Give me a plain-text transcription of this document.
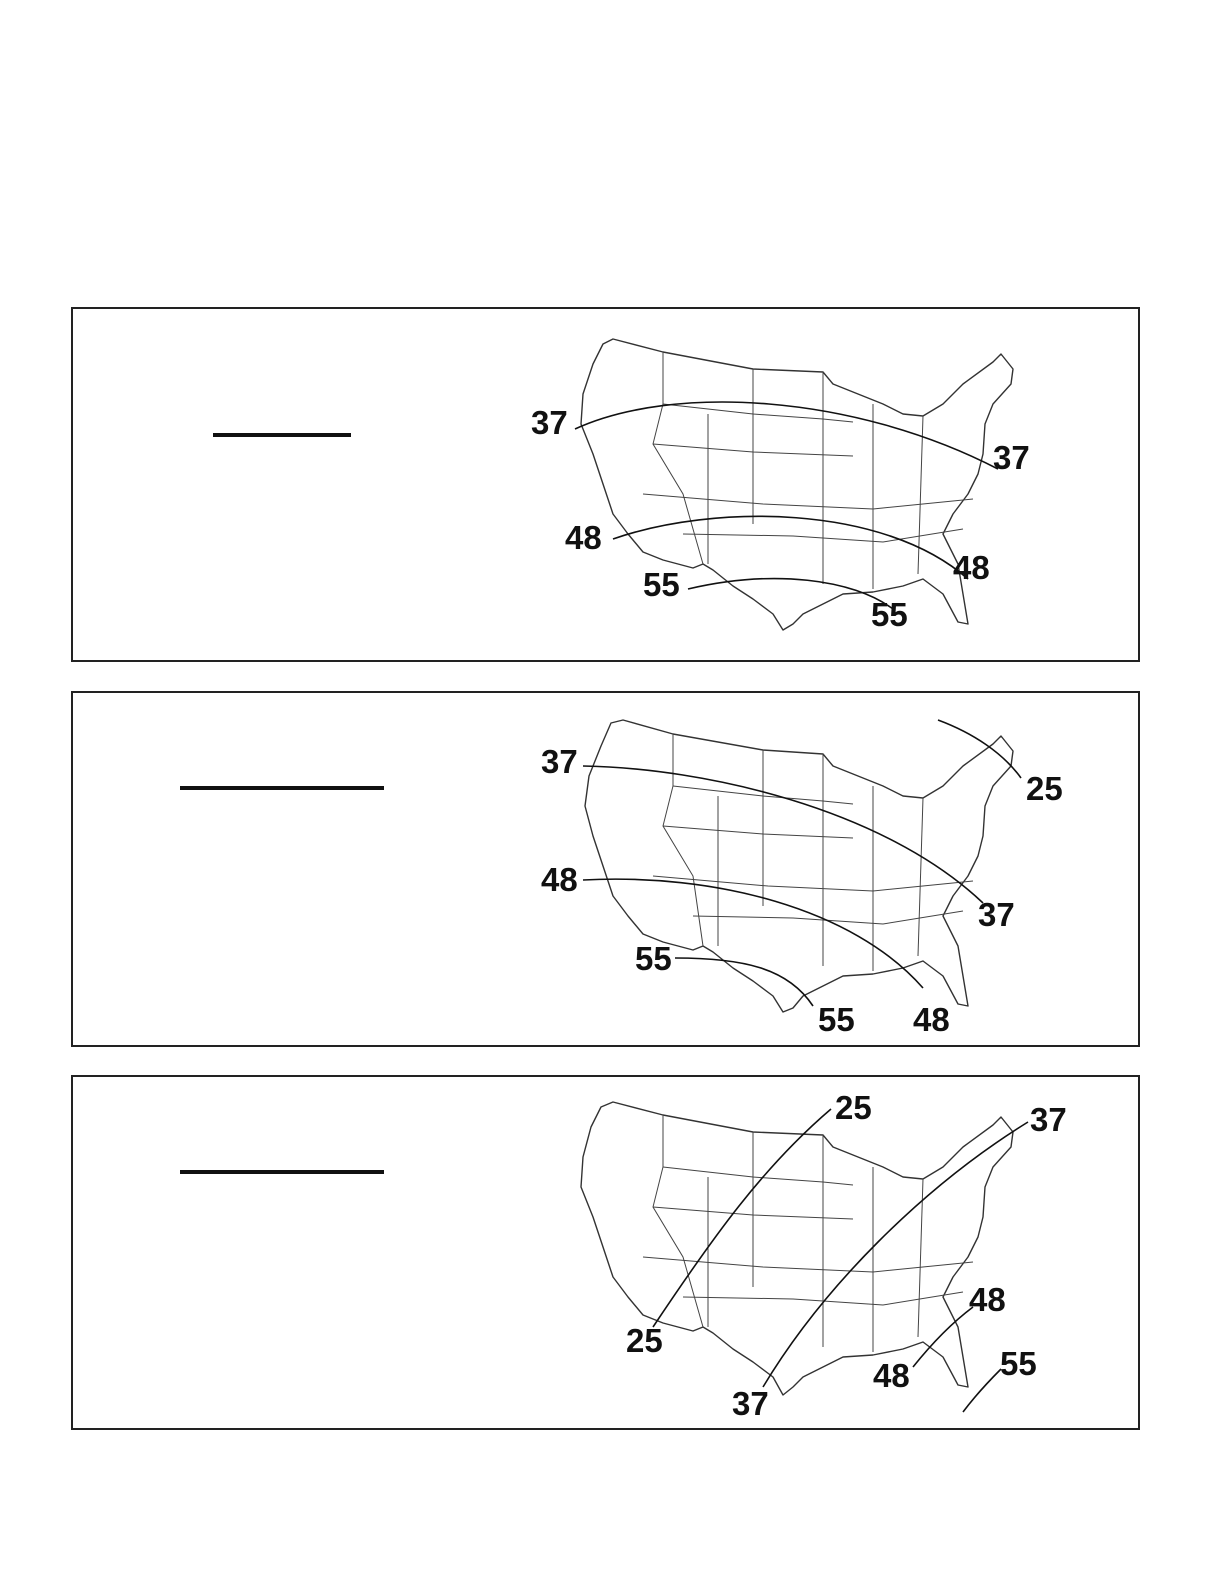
37
37
48
48
55
55
37
37
25
48
48
55
55
25
25
37
37
48
48	55
